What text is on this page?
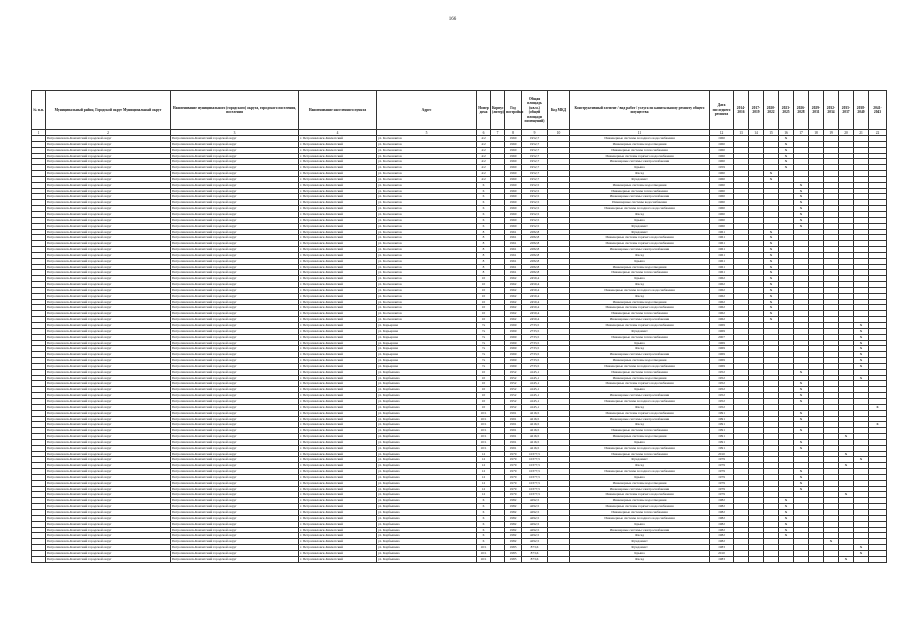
166
№ п.п.	Муниципальный район, Городской округ Муниципальный округ	Наименование муниципального (городского) округа, городского поселения, поселения	Наименование населенного пункта	Адрес	Номер дома	Корпус (литер)	Год постройки	Общая площадь (кв.м.) (общей площади помещений)	Код МКД	Конструктивный элемент / вид работ / услуга по капитальному ремонту общего имущества	Дата последнего ремонта	2014-2016	2017-2019	2020-2022	2023-2025	2026-2028	2029-2031	2032-2034	2035-2037	2038-2040	2041-2043
1	2	3	4	5	6	7	8	9	10	11	12	13	14	15	16	17	18	19	20	21	22
	Петропавловск-Камчатский городской округ	Петропавловск-Камчатский городской округ	г. Петропавловск-Камчатский	ул. Космонавтов	4/2		1960	1952,7		Инженерные системы холодного водоснабжения	1960				X						
	Петропавловск-Камчатский городской округ	Петропавловск-Камчатский городской округ	г. Петропавловск-Камчатский	ул. Космонавтов	4/2		1960	1952,7		Инженерные системы водоотведения	1960				X						
	Петропавловск-Камчатский городской округ	Петропавловск-Камчатский городской округ	г. Петропавловск-Камчатский	ул. Космонавтов	4/2		1960	1952,7		Инженерные системы теплоснабжения	1960				X						
	Петропавловск-Камчатский городской округ	Петропавловск-Камчатский городской округ	г. Петропавловск-Камчатский	ул. Космонавтов	4/2		1960	1952,7		Инженерные системы горячего водоснабжения	1960				X						
	Петропавловск-Камчатский городской округ	Петропавловск-Камчатский городской округ	г. Петропавловск-Камчатский	ул. Космонавтов	4/2		1960	1952,7		Инженерные системы электроснабжения	1960				X						
	Петропавловск-Камчатский городской округ	Петропавловск-Камчатский городской округ	г. Петропавловск-Камчатский	ул. Космонавтов	4/2		1960	1952,7		Крыша	1959				X						
	Петропавловск-Камчатский городской округ	Петропавловск-Камчатский городской округ	г. Петропавловск-Камчатский	ул. Космонавтов	4/2		1960	1952,7		Фасад	1960			X							
	Петропавловск-Камчатский городской округ	Петропавловск-Камчатский городской округ	г. Петропавловск-Камчатский	ул. Космонавтов	4/2		1960	1952,7		Фундамент	1960			X							
	Петропавловск-Камчатский городской округ	Петропавловск-Камчатский городской округ	г. Петропавловск-Камчатский	ул. Космонавтов	6		1960	1952,5		Инженерные системы водоотведения	1960					X					
	Петропавловск-Камчатский городской округ	Петропавловск-Камчатский городской округ	г. Петропавловск-Камчатский	ул. Космонавтов	6		1960	1952,5		Инженерные системы теплоснабжения	1960					X					
	Петропавловск-Камчатский городской округ	Петропавловск-Камчатский городской округ	г. Петропавловск-Камчатский	ул. Космонавтов	6		1960	1952,5		Инженерные системы электроснабжения	1960					X					
	Петропавловск-Камчатский городской округ	Петропавловск-Камчатский городской округ	г. Петропавловск-Камчатский	ул. Космонавтов	6		1960	1952,5		Инженерные системы водоснабжения	1960					X					
	Петропавловск-Камчатский городской округ	Петропавловск-Камчатский городской округ	г. Петропавловск-Камчатский	ул. Космонавтов	6		1960	1952,5		Инженерные системы холодного водоснабжения	1960					X					
	Петропавловск-Камчатский городской округ	Петропавловск-Камчатский городской округ	г. Петропавловск-Камчатский	ул. Космонавтов	6		1960	1952,5		Фасад	1960					X					
	Петропавловск-Камчатский городской округ	Петропавловск-Камчатский городской округ	г. Петропавловск-Камчатский	ул. Космонавтов	6		1960	1952,5		Крыша	1960					X					
	Петропавловск-Камчатский городской округ	Петропавловск-Камчатский городской округ	г. Петропавловск-Камчатский	ул. Космонавтов	6		1960	1952,5		Фундамент	1960					X					
	Петропавловск-Камчатский городской округ	Петропавловск-Камчатский городской округ	г. Петропавловск-Камчатский	ул. Космонавтов	8		1961	2282,8		Фундамент	1961			X							
	Петропавловск-Камчатский городской округ	Петропавловск-Камчатский городской округ	г. Петропавловск-Камчатский	ул. Космонавтов	8		1961	2282,8		Инженерные системы горячего водоснабжения	1961			X							
	Петропавловск-Камчатский городской округ	Петропавловск-Камчатский городской округ	г. Петропавловск-Камчатский	ул. Космонавтов	8		1961	2282,8		Инженерные системы горячего водоснабжения	1961			X							
	Петропавловск-Камчатский городской округ	Петропавловск-Камчатский городской округ	г. Петропавловск-Камчатский	ул. Космонавтов	8		1961	2282,8		Инженерные системы электроснабжения	1961			X							
	Петропавловск-Камчатский городской округ	Петропавловск-Камчатский городской округ	г. Петропавловск-Камчатский	ул. Космонавтов	8		1961	2282,8		Фасад	1961			X							
	Петропавловск-Камчатский городской округ	Петропавловск-Камчатский городской округ	г. Петропавловск-Камчатский	ул. Космонавтов	8		1961	2282,8		Крыша	1961			X							
	Петропавловск-Камчатский городской округ	Петропавловск-Камчатский городской округ	г. Петропавловск-Камчатский	ул. Космонавтов	8		1961	2282,8		Инженерные системы водоотведения	1961			X							
	Петропавловск-Камчатский городской округ	Петропавловск-Камчатский городской округ	г. Петропавловск-Камчатский	ул. Космонавтов	8		1961	2282,8		Инженерные системы теплоснабжения	1961			X							
	Петропавловск-Камчатский городской округ	Петропавловск-Камчатский городской округ	г. Петропавловск-Камчатский	ул. Космонавтов	10		1962	2450,4		Крыша	1962			X							
	Петропавловск-Камчатский городской округ	Петропавловск-Камчатский городской округ	г. Петропавловск-Камчатский	ул. Космонавтов	10		1962	2450,4		Фасад	1962			X							
	Петропавловск-Камчатский городской округ	Петропавловск-Камчатский городской округ	г. Петропавловск-Камчатский	ул. Космонавтов	10		1962	2450,4		Инженерные системы холодного водоснабжения	1962			X							
	Петропавловск-Камчатский городской округ	Петропавловск-Камчатский городской округ	г. Петропавловск-Камчатский	ул. Космонавтов	10		1962	2450,4		Фасад	1962			X							
	Петропавловск-Камчатский городской округ	Петропавловск-Камчатский городской округ	г. Петропавловск-Камчатский	ул. Космонавтов	10		1962	2450,4		Инженерные системы водоотведения	1962			X							
	Петропавловск-Камчатский городской округ	Петропавловск-Камчатский городской округ	г. Петропавловск-Камчатский	ул. Космонавтов	10		1962	2450,4		Инженерные системы горячего водоснабжения	1962			X							
	Петропавловск-Камчатский городской округ	Петропавловск-Камчатский городской округ	г. Петропавловск-Камчатский	ул. Космонавтов	10		1962	2450,4		Инженерные системы теплоснабжения	1962			X							
	Петропавловск-Камчатский городской округ	Петропавловск-Камчатский городской округ	г. Петропавловск-Камчатский	ул. Космонавтов	10		1962	2450,4		Инженерные системы электроснабжения	1962			X							
	Петропавловск-Камчатский городской округ	Петропавловск-Камчатский городской округ	г. Петропавловск-Камчатский	ул. Карьерная	7а		1969	2733,5		Инженерные системы горячего водоснабжения	1969									X	
	Петропавловск-Камчатский городской округ	Петропавловск-Камчатский городской округ	г. Петропавловск-Камчатский	ул. Карьерная	7а		1969	2733,5		Фундамент	1969									X	
	Петропавловск-Камчатский городской округ	Петропавловск-Камчатский городской округ	г. Петропавловск-Камчатский	ул. Карьерная	7а		1969	2733,5		Инженерные системы теплоснабжения	2007									X	
	Петропавловск-Камчатский городской округ	Петропавловск-Камчатский городской округ	г. Петропавловск-Камчатский	ул. Карьерная	7а		1969	2733,5		Крыша	1969									X	
	Петропавловск-Камчатский городской округ	Петропавловск-Камчатский городской округ	г. Петропавловск-Камчатский	ул. Карьерная	7а		1969	2733,5		Фасад	1969									X	
	Петропавловск-Камчатский городской округ	Петропавловск-Камчатский городской округ	г. Петропавловск-Камчатский	ул. Карьерная	7а		1969	2733,5		Инженерные системы электроснабжения	1969									X	
	Петропавловск-Камчатский городской округ	Петропавловск-Камчатский городской округ	г. Петропавловск-Камчатский	ул. Карьерная	7а		1969	2733,5		Инженерные системы водоотведения	1969									X	
	Петропавловск-Камчатский городской округ	Петропавловск-Камчатский городской округ	г. Петропавловск-Камчатский	ул. Карьерная	7а		1969	2733,5		Инженерные системы холодного водоснабжения	1969									X	
	Петропавловск-Камчатский городской округ	Петропавловск-Камчатский городской округ	г. Петропавловск-Камчатский	ул. Карбышева	10		1952	4145,1		Инженерные системы теплоснабжения	1952					X					
	Петропавловск-Камчатский городской округ	Петропавловск-Камчатский городской округ	г. Петропавловск-Камчатский	ул. Карбышева	10		1952	4145,1		Инженерные системы водоотведения	1952									X	
	Петропавловск-Камчатский городской округ	Петропавловск-Камчатский городской округ	г. Петропавловск-Камчатский	ул. Карбышева	10		1952	4145,1		Инженерные системы горячего водоснабжения	1952					X					
	Петропавловск-Камчатский городской округ	Петропавловск-Камчатский городской округ	г. Петропавловск-Камчатский	ул. Карбышева	10		1952	4145,1		Крыша	1952					X					
	Петропавловск-Камчатский городской округ	Петропавловск-Камчатский городской округ	г. Петропавловск-Камчатский	ул. Карбышева	10		1952	4145,1		Инженерные системы электроснабжения	1952					X					
	Петропавловск-Камчатский городской округ	Петропавловск-Камчатский городской округ	г. Петропавловск-Камчатский	ул. Карбышева	10		1952	4145,1		Инженерные системы холодного водоснабжения	1952					X					
	Петропавловск-Камчатский городской округ	Петропавловск-Камчатский городской округ	г. Петропавловск-Камчатский	ул. Карбышева	10		1952	4145,1		Фасад	1952										X
	Петропавловск-Камчатский городской округ	Петропавловск-Камчатский городской округ	г. Петропавловск-Камчатский	ул. Карбышева	10/1		1991	4216,5		Инженерные системы горячего водоснабжения	1991					X					
	Петропавловск-Камчатский городской округ	Петропавловск-Камчатский городской округ	г. Петропавловск-Камчатский	ул. Карбышева	10/1		1991	4216,5		Инженерные системы электроснабжения	1991					X					
	Петропавловск-Камчатский городской округ	Петропавловск-Камчатский городской округ	г. Петропавловск-Камчатский	ул. Карбышева	10/1		1991	4216,5		Фасад	1991										X
	Петропавловск-Камчатский городской округ	Петропавловск-Камчатский городской округ	г. Петропавловск-Камчатский	ул. Карбышева	10/1		1991	4216,5		Инженерные системы теплоснабжения	1991					X					
	Петропавловск-Камчатский городской округ	Петропавловск-Камчатский городской округ	г. Петропавловск-Камчатский	ул. Карбышева	10/1		1991	4216,5		Инженерные системы водоотведения	1991								X		
	Петропавловск-Камчатский городской округ	Петропавловск-Камчатский городской округ	г. Петропавловск-Камчатский	ул. Карбышева	10/1		1991	4216,5		Крыша	1991					X					
	Петропавловск-Камчатский городской округ	Петропавловск-Камчатский городской округ	г. Петропавловск-Камчатский	ул. Карбышева	10/1		1991	4216,5		Инженерные системы холодного водоснабжения	1991					X					
	Петропавловск-Камчатский городской округ	Петропавловск-Камчатский городской округ	г. Петропавловск-Камчатский	ул. Карбышева	12		1979	10377,5		Инженерные системы теплоснабжения	2010								X		
	Петропавловск-Камчатский городской округ	Петропавловск-Камчатский городской округ	г. Петропавловск-Камчатский	ул. Карбышева	12		1979	10377,5		Фундамент	1979									X	
	Петропавловск-Камчатский городской округ	Петропавловск-Камчатский городской округ	г. Петропавловск-Камчатский	ул. Карбышева	12		1979	10377,5		Фасад	1979								X		
	Петропавловск-Камчатский городской округ	Петропавловск-Камчатский городской округ	г. Петропавловск-Камчатский	ул. Карбышева	12		1979	10377,5		Инженерные системы холодного водоснабжения	1979					X					
	Петропавловск-Камчатский городской округ	Петропавловск-Камчатский городской округ	г. Петропавловск-Камчатский	ул. Карбышева	12		1979	10377,5		Крыша	1979					X					
	Петропавловск-Камчатский городской округ	Петропавловск-Камчатский городской округ	г. Петропавловск-Камчатский	ул. Карбышева	12		1979	10377,5		Инженерные системы водоотведения	1979					X					
	Петропавловск-Камчатский городской округ	Петропавловск-Камчатский городской округ	г. Петропавловск-Камчатский	ул. Карбышева	12		1979	10377,5		Инженерные системы электроснабжения	1979					X					
	Петропавловск-Камчатский городской округ	Петропавловск-Камчатский городской округ	г. Петропавловск-Камчатский	ул. Карбышева	12		1979	10377,5		Инженерные системы горячего водоснабжения	1979								X		
	Петропавловск-Камчатский городской округ	Петропавловск-Камчатский городской округ	г. Петропавловск-Камчатский	ул. Карбышева	6		1982	4292,5		Инженерные системы водоотведения	1982				X						
	Петропавловск-Камчатский городской округ	Петропавловск-Камчатский городской округ	г. Петропавловск-Камчатский	ул. Карбышева	6		1982	4292,5		Инженерные системы горячего водоснабжения	1982				X						
	Петропавловск-Камчатский городской округ	Петропавловск-Камчатский городской округ	г. Петропавловск-Камчатский	ул. Карбышева	6		1982	4292,5		Инженерные системы теплоснабжения	1982				X						
	Петропавловск-Камчатский городской округ	Петропавловск-Камчатский городской округ	г. Петропавловск-Камчатский	ул. Карбышева	6		1982	4292,5		Инженерные системы холодного водоснабжения	1982				X						
	Петропавловск-Камчатский городской округ	Петропавловск-Камчатский городской округ	г. Петропавловск-Камчатский	ул. Карбышева	6		1982	4292,5		Крыша	1982				X						
	Петропавловск-Камчатский городской округ	Петропавловск-Камчатский городской округ	г. Петропавловск-Камчатский	ул. Карбышева	6		1982	4292,5		Инженерные системы электроснабжения	1982				X						
	Петропавловск-Камчатский городской округ	Петропавловск-Камчатский городской округ	г. Петропавловск-Камчатский	ул. Карбышева	6		1982	4292,5		Фасад	1982				X						
	Петропавловск-Камчатский городской округ	Петропавловск-Камчатский городской округ	г. Петропавловск-Камчатский	ул. Карбышева	6		1982	4292,5		Фундамент	1982							X			
	Петропавловск-Камчатский городской округ	Петропавловск-Камчатский городской округ	г. Петропавловск-Камчатский	ул. Карбышева	10/1		1983	873,6		Фундамент	1983									X	
	Петропавловск-Камчатский городской округ	Петропавловск-Камчатский городской округ	г. Петропавловск-Камчатский	ул. Карбышева	10/1		1983	873,6		Крыша	2010									X	
	Петропавловск-Камчатский городской округ	Петропавловск-Камчатский городской округ	г. Петропавловск-Камчатский	ул. Карбышева	10/1		1983	873,6		Фасад	1983								X		
